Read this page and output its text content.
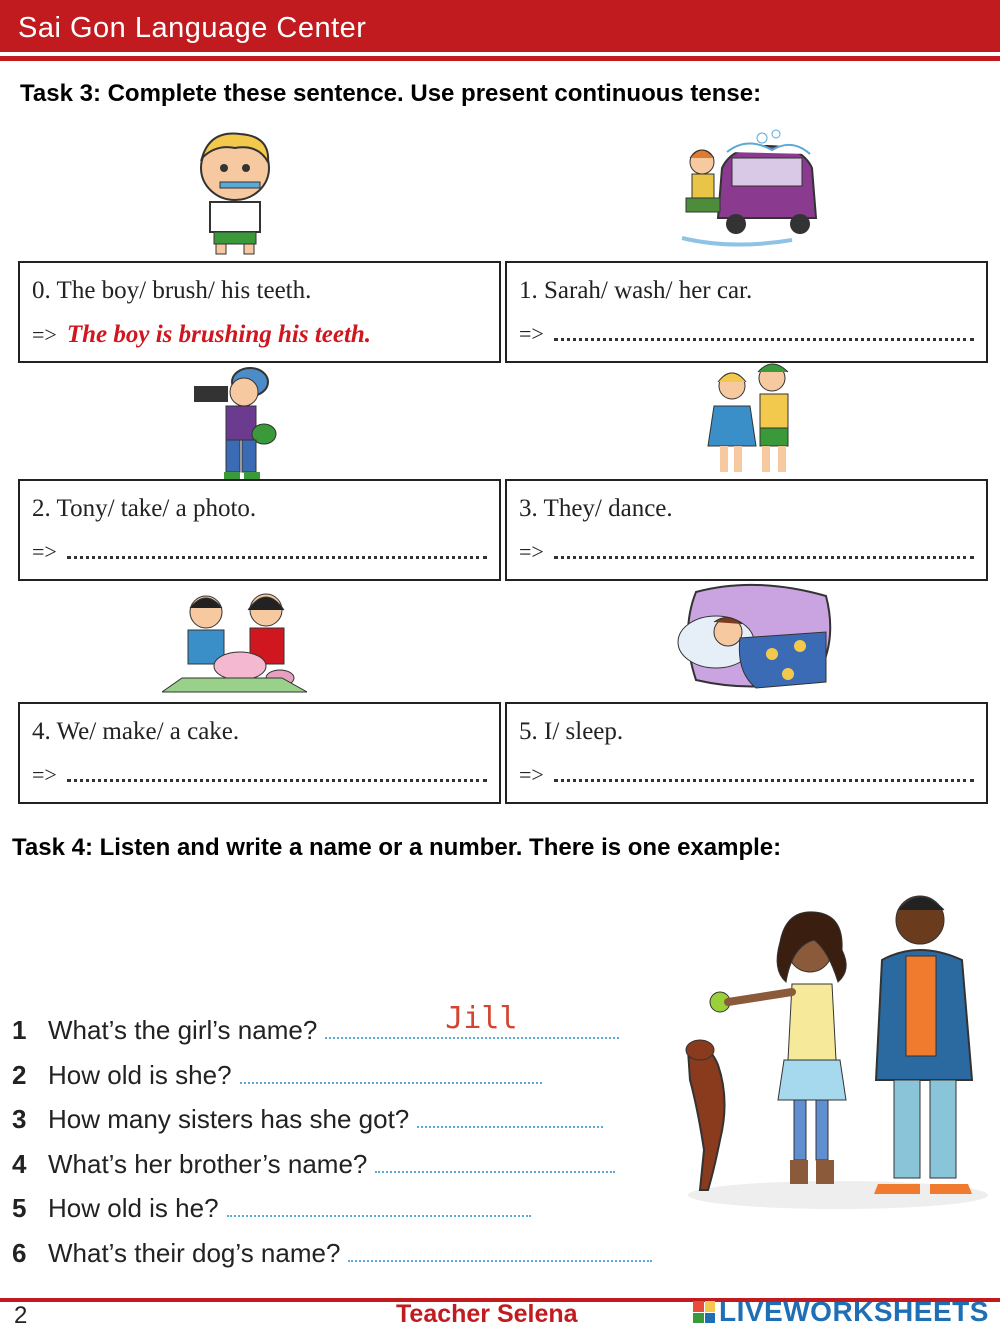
Sai Gon Language Center
Task 3: Complete these sentence. Use present continuous tense:
0. The boy/ brush/ his teeth.
=> The boy is brushing his teeth.
1. Sarah/ wash/ her car.
=>
2. Tony/ take/ a photo.
=>
3. They/ dance.
=>
4. We/ make/ a cake.
=>
5. I/ sleep.
=>
Task 4: Listen and write a name or a number. There is one example:
1 What’s the girl’s name?	Jill
2 How old is she?
3 How many sisters has she got?
4 What’s her brother’s name?
5 How old is he?
6 What’s their dog’s name?
2	Teacher Selena	LIVEWORKSHEETS
